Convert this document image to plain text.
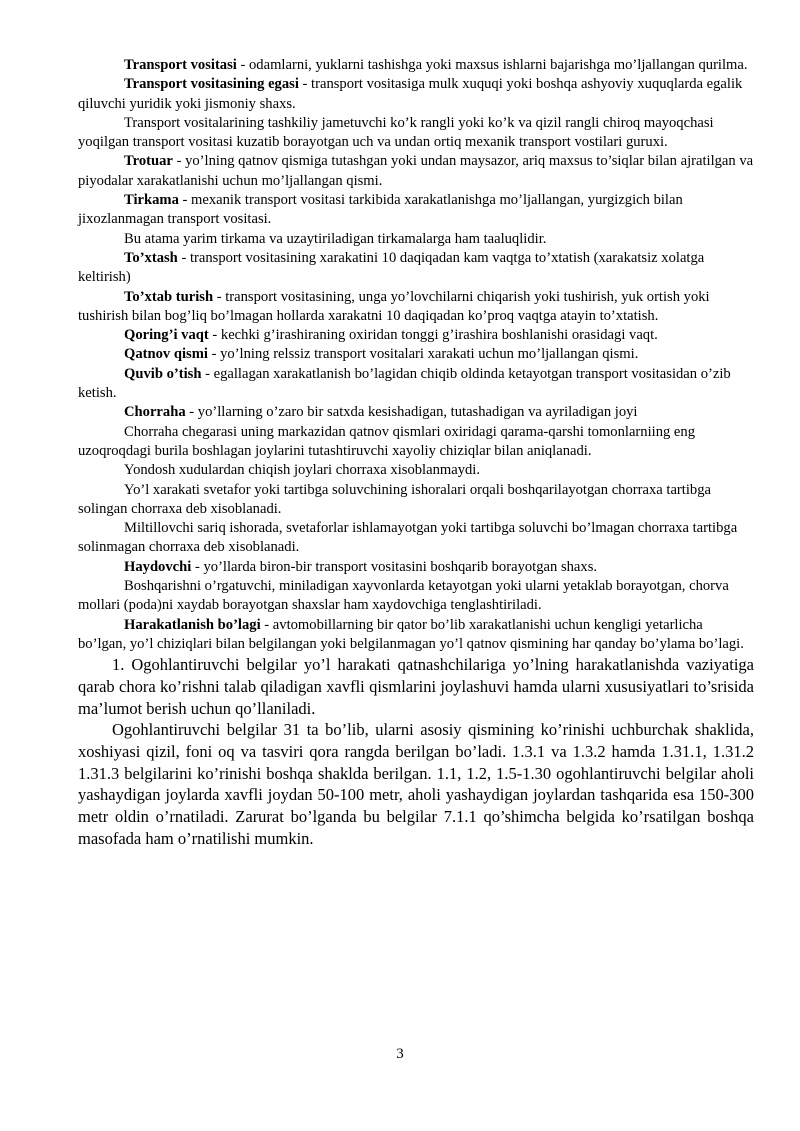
Transport vositasi - odamlarni, yuklarni tashishga yoki maxsus ishlarni bajarishga mo’ljallangan qurilma.

Transport vositasining egasi - transport vositasiga mulk xuquqi yoki boshqa ashyoviy xuquqlarda egalik qiluvchi yuridik yoki jismoniy shaxs.

Transport vositalarining tashkiliy jametuvchi ko’k rangli yoki ko’k va qizil rangli chiroq mayoqchasi yoqilgan transport vositasi kuzatib borayotgan uch va undan ortiq mexanik transport vostilari guruxi.

Trotuar - yo’lning qatnov qismiga tutashgan yoki undan maysazor, ariq maxsus to’siqlar bilan ajratilgan va piyodalar xarakatlanishi uchun mo’ljallangan qismi.

Tirkama - mexanik transport vositasi tarkibida xarakatlanishga mo’ljallangan, yurgizgich bilan jixozlanmagan transport vositasi.

Bu atama yarim tirkama va uzaytiriladigan tirkamalarga ham taaluqlidir.

To’xtash - transport vositasining xarakatini 10 daqiqadan kam vaqtga to’xtatish (xarakatsiz xolatga keltirish)

To’xtab turish - transport vositasining, unga yo’lovchilarni chiqarish yoki tushirish, yuk ortish yoki tushirish bilan bog’liq bo’lmagan hollarda xarakatni 10 daqiqadan ko’proq vaqtga atayin to’xtatish.

Qoring’i vaqt - kechki g’irashiraning oxiridan tonggi g’irashira boshlanishi orasidagi vaqt.

Qatnov qismi - yo’lning relssiz transport vositalari xarakati uchun mo’ljallangan qismi.

Quvib o’tish - egallagan xarakatlanish bo’lagidan chiqib oldinda ketayotgan transport vositasidan o’zib ketish.

Chorraha - yo’llarning o’zaro bir satxda kesishadigan, tutashadigan va ayriladigan joyi

Chorraha chegarasi uning markazidan qatnov qismlari oxiridagi qarama-qarshi tomonlarniing eng uzoqroqdagi burila boshlagan joylarini tutashtiruvchi xayoliy chiziqlar bilan aniqlanadi.

Yondosh xudulardan chiqish joylari chorraxa xisoblanmaydi.

Yo’l xarakati svetafor yoki tartibga soluvchining ishoralari orqali boshqarilayotgan chorraxa tartibga solingan chorraxa deb xisoblanadi.

Miltillovchi sariq ishorada, svetaforlar ishlamayotgan yoki tartibga soluvchi bo’lmagan chorraxa tartibga solinmagan chorraxa deb xisoblanadi.

Haydovchi - yo’llarda biron-bir transport vositasini boshqarib borayotgan shaxs.

Boshqarishni o’rgatuvchi, miniladigan xayvonlarda ketayotgan yoki ularni yetaklab borayotgan, chorva mollari (poda)ni xaydab borayotgan shaxslar ham xaydovchiga tenglashtiriladi.

Harakatlanish bo’lagi - avtomobillarning bir qator bo’lib xarakatlanishi uchun kengligi yetarlicha bo’lgan, yo’l chiziqlari bilan belgilangan yoki belgilanmagan yo’l qatnov qismining har qanday bo’ylama bo’lagi.

1. Ogohlantiruvchi belgilar yo’l harakati qatnashchilariga yo’lning harakatlanishda vaziyatiga qarab chora ko’rishni talab qiladigan xavfli qismlarini joylashuvi hamda ularni xususiyatlari to’srisida ma’lumot berish uchun qo’llaniladi.

Ogohlantiruvchi belgilar 31 ta bo’lib, ularni asosiy qismining ko’rinishi uchburchak shaklida, xoshiyasi qizil, foni oq va tasviri qora rangda berilgan bo’ladi. 1.3.1 va 1.3.2 hamda 1.31.1, 1.31.2 1.31.3 belgilarini ko’rinishi boshqa shaklda berilgan. 1.1, 1.2, 1.5-1.30 ogohlantiruvchi belgilar aholi yashaydigan joylarda xavfli joydan 50-100 metr, aholi yashaydigan joylardan tashqarida esa 150-300 metr oldin o’rnatiladi. Zarurat bo’lganda bu belgilar 7.1.1 qo’shimcha belgida ko’rsatilgan boshqa masofada ham o’rnatilishi mumkin.

3
